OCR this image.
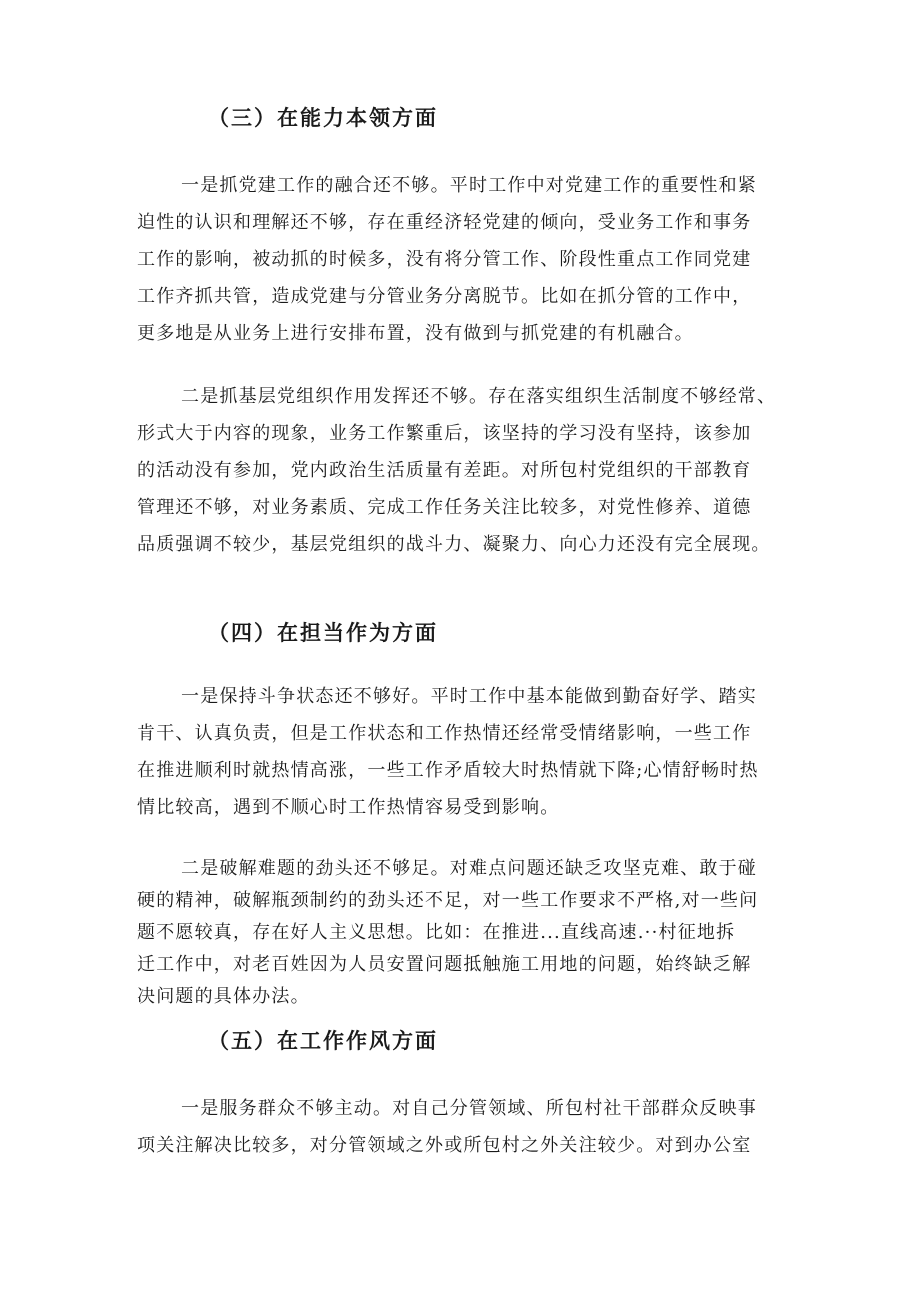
（三）在能力本领方面

一是抓党建工作的融合还不够。平时工作中对党建工作的重要性和紧
迫性的认识和理解还不够，存在重经济轻党建的倾向，受业务工作和事务
工作的影响，被动抓的时候多，没有将分管工作、阶段性重点工作同党建
工作齐抓共管，造成党建与分管业务分离脱节。比如在抓分管的工作中，
更多地是从业务上进行安排布置，没有做到与抓党建的有机融合。

二是抓基层党组织作用发挥还不够。存在落实组织生活制度不够经常、
形式大于内容的现象，业务工作繁重后，该坚持的学习没有坚持，该参加
的活动没有参加，党内政治生活质量有差距。对所包村党组织的干部教育
管理还不够，对业务素质、完成工作任务关注比较多，对党性修养、道德
品质强调不较少，基层党组织的战斗力、凝聚力、向心力还没有完全展现。

（四）在担当作为方面

一是保持斗争状态还不够好。平时工作中基本能做到勤奋好学、踏实
肯干、认真负责，但是工作状态和工作热情还经常受情绪影响，一些工作
在推进顺利时就热情高涨，一些工作矛盾较大时热情就下降;心情舒畅时热
情比较高，遇到不顺心时工作热情容易受到影响。

二是破解难题的劲头还不够足。对难点问题还缺乏攻坚克难、敢于碰
硬的精神，破解瓶颈制约的劲头还不足，对一些工作要求不严格,对一些问
题不愿较真，存在好人主义思想。比如：在推进...直线高速.··村征地拆
迁工作中，对老百姓因为人员安置问题抵触施工用地的问题，始终缺乏解
决问题的具体办法。

（五）在工作作风方面

一是服务群众不够主动。对自己分管领域、所包村社干部群众反映事
项关注解决比较多，对分管领域之外或所包村之外关注较少。对到办公室
